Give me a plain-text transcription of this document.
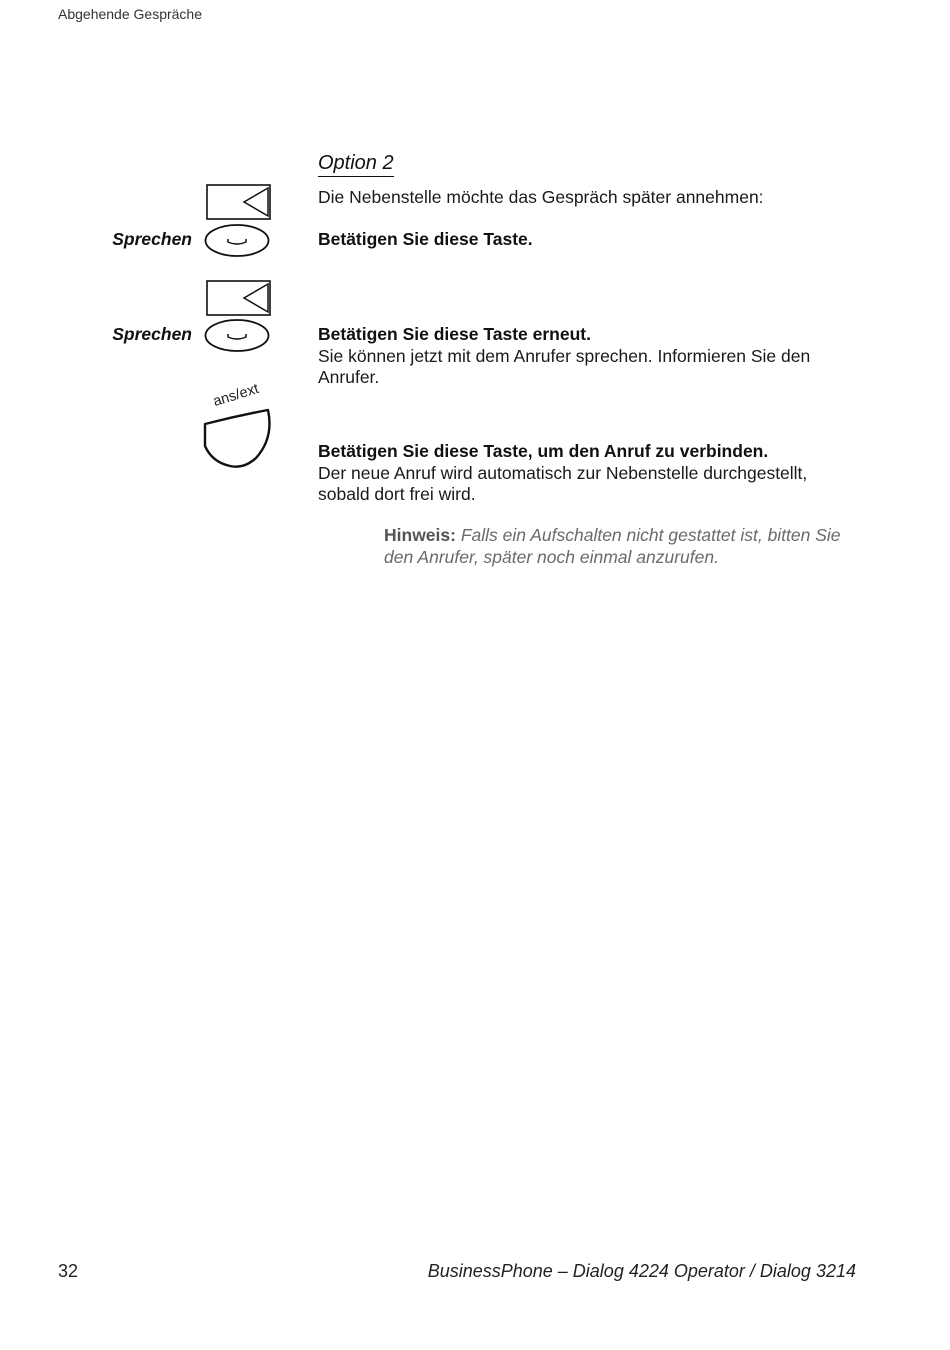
Abgehende Gespräche
Option 2
Die Nebenstelle möchte das Gespräch später annehmen:
Sprechen	Betätigen Sie diese Taste.
Sprechen	Betätigen Sie diese Taste erneut.
Sie können jetzt mit dem Anrufer sprechen. Informieren Sie den Anrufer.
ans/ext
Betätigen Sie diese Taste, um den Anruf zu verbinden.
Der neue Anruf wird automatisch zur Nebenstelle durchgestellt, sobald dort frei wird.
Hinweis: Falls ein Aufschalten nicht gestattet ist, bitten Sie den Anrufer, später noch einmal anzurufen.
32	BusinessPhone – Dialog 4224 Operator / Dialog 3214
